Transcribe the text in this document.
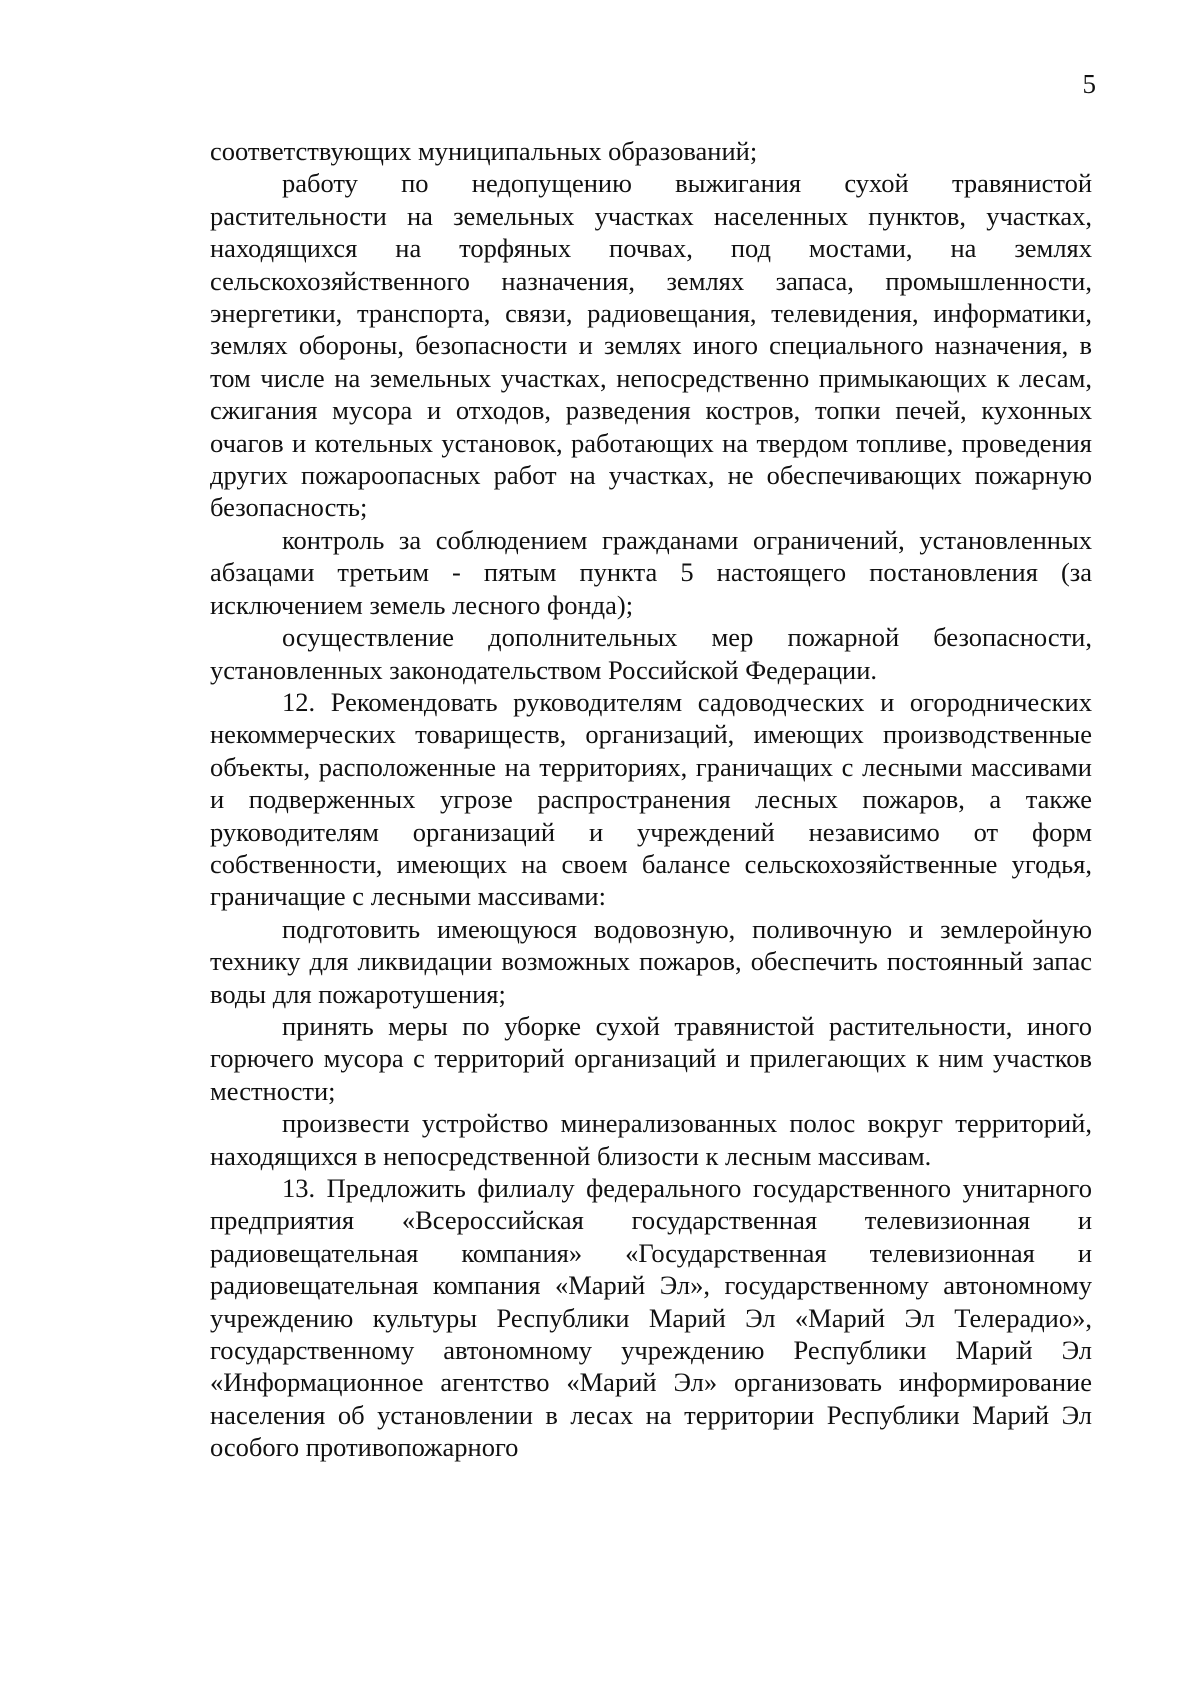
5

соответствующих муниципальных образований;

работу по недопущению выжигания сухой травянистой растительности на земельных участках населенных пунктов, участках, находящихся на торфяных почвах, под мостами, на землях сельскохозяйственного назначения, землях запаса, промышленности, энергетики, транспорта, связи, радиовещания, телевидения, информатики, землях обороны, безопасности и землях иного специального назначения, в том числе на земельных участках, непосредственно примыкающих к лесам, сжигания мусора и отходов, разведения костров, топки печей, кухонных очагов и котельных установок, работающих на твердом топливе, проведения других пожароопасных работ на участках, не обеспечивающих пожарную безопасность;

контроль за соблюдением гражданами ограничений, установленных абзацами третьим - пятым пункта 5 настоящего постановления (за исключением земель лесного фонда);

осуществление дополнительных мер пожарной безопасности, установленных законодательством Российской Федерации.

12. Рекомендовать руководителям садоводческих и огороднических некоммерческих товариществ, организаций, имеющих производственные объекты, расположенные на территориях, граничащих с лесными массивами и подверженных угрозе распространения лесных пожаров, а также руководителям организаций и учреждений независимо от форм собственности, имеющих на своем балансе сельскохозяйственные угодья, граничащие с лесными массивами:

подготовить имеющуюся водовозную, поливочную и землеройную технику для ликвидации возможных пожаров, обеспечить постоянный запас воды для пожаротушения;

принять меры по уборке сухой травянистой растительности, иного горючего мусора с территорий организаций и прилегающих к ним участков местности;

произвести устройство минерализованных полос вокруг территорий, находящихся в непосредственной близости к лесным массивам.

13. Предложить филиалу федерального государственного унитарного предприятия «Всероссийская государственная телевизионная и радиовещательная компания» «Государственная телевизионная и радиовещательная компания «Марий Эл», государственному автономному учреждению культуры Республики Марий Эл «Марий Эл Телерадио», государственному автономному учреждению Республики Марий Эл «Информационное агентство «Марий Эл» организовать информирование населения об установлении в лесах на территории Республики Марий Эл особого противопожарного
